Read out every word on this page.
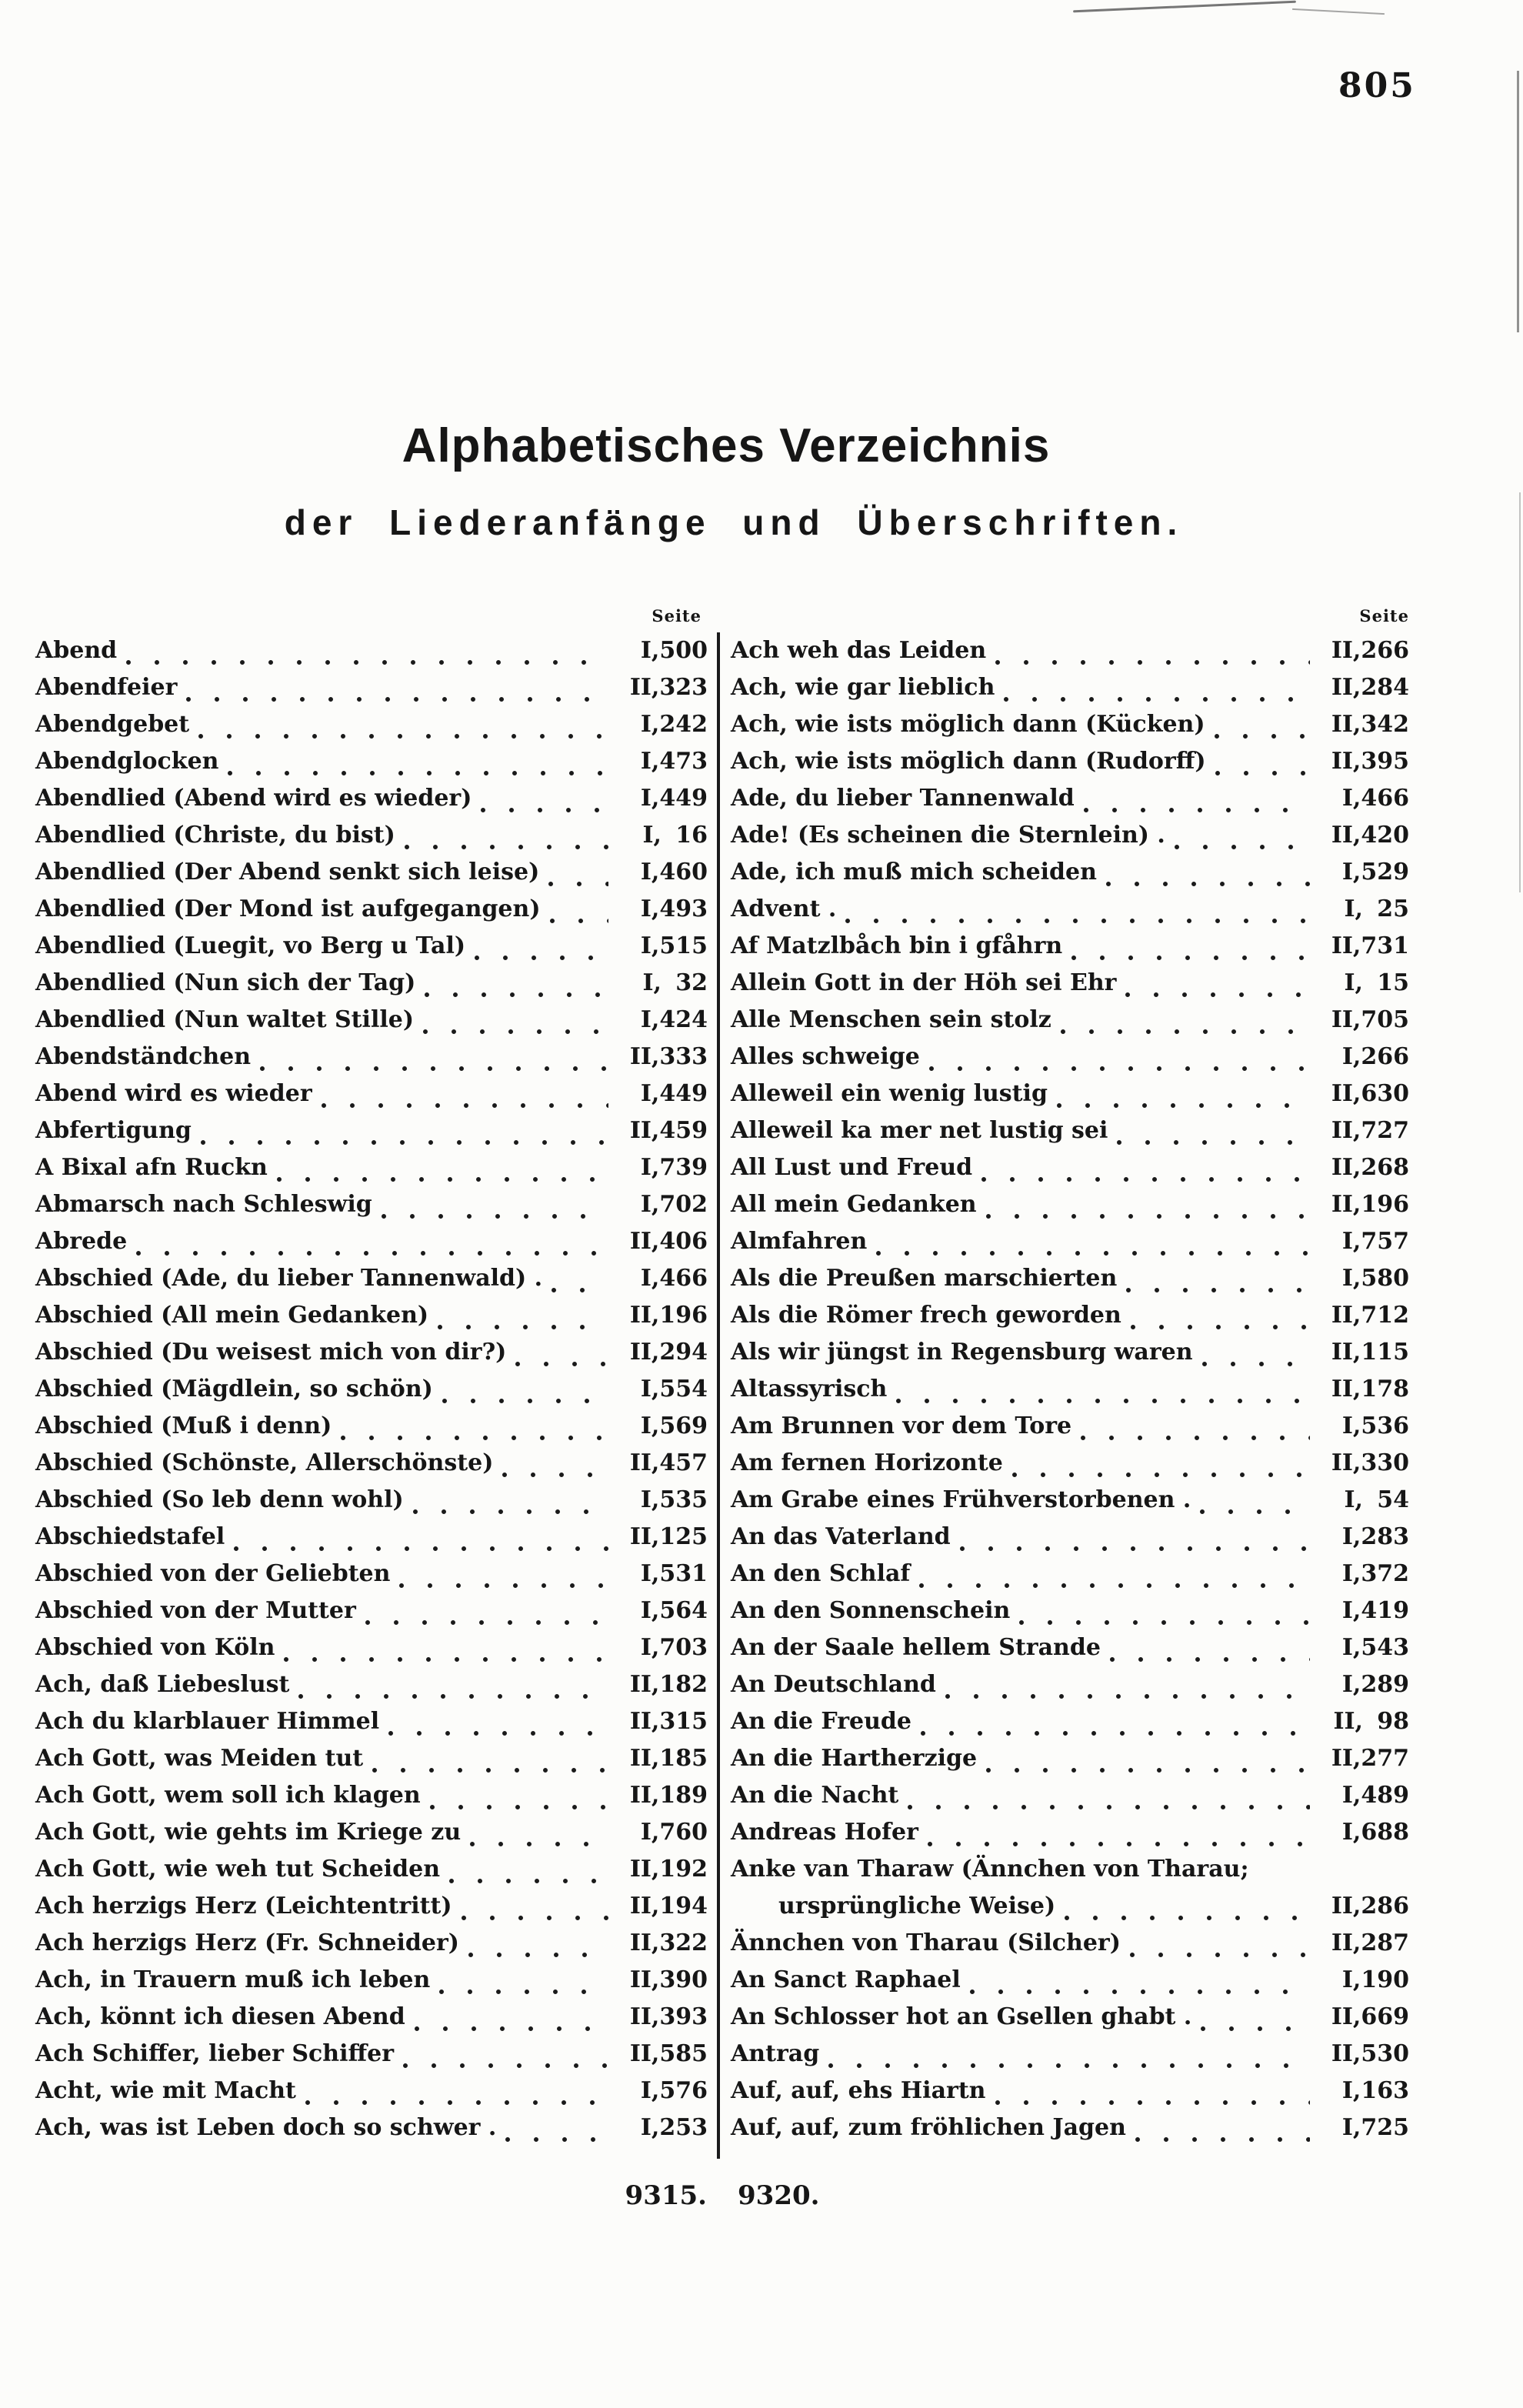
805
Alphabetisches Verzeichnis
der Liederanfänge und Überschriften.
Seite	Seite
Abend	I, 500
Abendfeier	II, 323
Abendgebet	I, 242
Abendglocken	I, 473
Abendlied (Abend wird es wieder)	I, 449
Abendlied (Christe, du bist)	I, 16
Abendlied (Der Abend senkt sich leise)	I, 460
Abendlied (Der Mond ist aufgegangen)	I, 493
Abendlied (Luegit, vo Berg u Tal)	I, 515
Abendlied (Nun sich der Tag)	I, 32
Abendlied (Nun waltet Stille)	I, 424
Abendständchen	II, 333
Abend wird es wieder	I, 449
Abfertigung	II, 459
A Bixal afn Ruckn	I, 739
Abmarsch nach Schleswig	I, 702
Abrede	II, 406
Abschied (Ade, du lieber Tannenwald) .	I, 466
Abschied (All mein Gedanken)	II, 196
Abschied (Du weisest mich von dir?)	II, 294
Abschied (Mägdlein, so schön)	I, 554
Abschied (Muß i denn)	I, 569
Abschied (Schönste, Allerschönste)	II, 457
Abschied (So leb denn wohl)	I, 535
Abschiedstafel	II, 125
Abschied von der Geliebten	I, 531
Abschied von der Mutter	I, 564
Abschied von Köln	I, 703
Ach, daß Liebeslust	II, 182
Ach du klarblauer Himmel	II, 315
Ach Gott, was Meiden tut	II, 185
Ach Gott, wem soll ich klagen	II, 189
Ach Gott, wie gehts im Kriege zu	I, 760
Ach Gott, wie weh tut Scheiden	II, 192
Ach herzigs Herz (Leichtentritt)	II, 194
Ach herzigs Herz (Fr. Schneider)	II, 322
Ach, in Trauern muß ich leben	II, 390
Ach, könnt ich diesen Abend	II, 393
Ach Schiffer, lieber Schiffer	II, 585
Acht, wie mit Macht	I, 576
Ach, was ist Leben doch so schwer .	I, 253
Ach weh das Leiden	II, 266
Ach, wie gar lieblich	II, 284
Ach, wie ists möglich dann (Kücken)	II, 342
Ach, wie ists möglich dann (Rudorff)	II, 395
Ade, du lieber Tannenwald	I, 466
Ade! (Es scheinen die Sternlein) .	II, 420
Ade, ich muß mich scheiden	I, 529
Advent .	I, 25
Af Matzlbåch bin i gfåhrn	II, 731
Allein Gott in der Höh sei Ehr	I, 15
Alle Menschen sein stolz	II, 705
Alles schweige	I, 266
Alleweil ein wenig lustig	II, 630
Alleweil ka mer net lustig sei	II, 727
All Lust und Freud	II, 268
All mein Gedanken	II, 196
Almfahren	I, 757
Als die Preußen marschierten	I, 580
Als die Römer frech geworden	II, 712
Als wir jüngst in Regensburg waren	II, 115
Altassyrisch	II, 178
Am Brunnen vor dem Tore	I, 536
Am fernen Horizonte	II, 330
Am Grabe eines Frühverstorbenen .	I, 54
An das Vaterland	I, 283
An den Schlaf	I, 372
An den Sonnenschein	I, 419
An der Saale hellem Strande	I, 543
An Deutschland	I, 289
An die Freude	II, 98
An die Hartherzige	II, 277
An die Nacht	I, 489
Andreas Hofer	I, 688
Anke van Tharaw (Ännchen von Tharau;
ursprüngliche Weise)	II, 286
Ännchen von Tharau (Silcher)	II, 287
An Sanct Raphael	I, 190
An Schlosser hot an Gsellen ghabt .	II, 669
Antrag	II, 530
Auf, auf, ehs Hiartn	I, 163
Auf, auf, zum fröhlichen Jagen	I, 725
9315. 9320.
